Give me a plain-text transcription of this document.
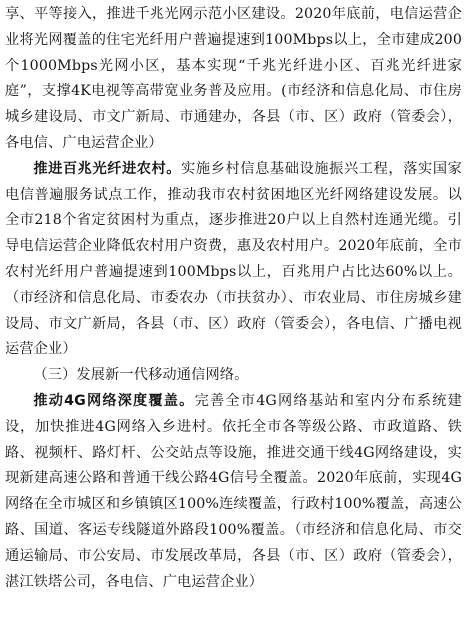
享、平等接入，推进千兆光网示范小区建设。2020年底前，电信运营企业将光网覆盖的住宅光纤用户普遍提速到100Mbps以上，全市建成200个1000Mbps光网小区，基本实现“千兆光纤进小区、百兆光纤进家庭”，支撑4K电视等高带宽业务普及应用。(市经济和信息化局、市住房城乡建设局、市文广新局、市通建办，各县（市、区）政府（管委会），各电信、广电运营企业）

推进百兆光纤进农村。实施乡村信息基础设施振兴工程，落实国家电信普遍服务试点工作，推动我市农村贫困地区光纤网络建设发展。以全市218个省定贫困村为重点，逐步推进20户以上自然村连通光缆。引导电信运营企业降低农村用户资费，惠及农村用户。2020年底前，全市农村光纤用户普遍提速到100Mbps以上，百兆用户占比达60%以上。（市经济和信息化局、市委农办（市扶贫办）、市农业局、市住房城乡建设局、市文广新局，各县（市、区）政府（管委会），各电信、广播电视运营企业）

（三）发展新一代移动通信网络。

推动4G网络深度覆盖。完善全市4G网络基站和室内分布系统建设，加快推进4G网络入乡进村。依托全市各等级公路、市政道路、铁路、视频杆、路灯杆、公交站点等设施，推进交通干线4G网络建设，实现新建高速公路和普通干线公路4G信号全覆盖。2020年底前，实现4G网络在全市城区和乡镇镇区100%连续覆盖，行政村100%覆盖，高速公路、国道、客运专线隧道外路段100%覆盖。（市经济和信息化局、市交通运输局、市公安局、市发展改革局，各县（市、区）政府（管委会），湛江铁塔公司，各电信、广电运营企业）
